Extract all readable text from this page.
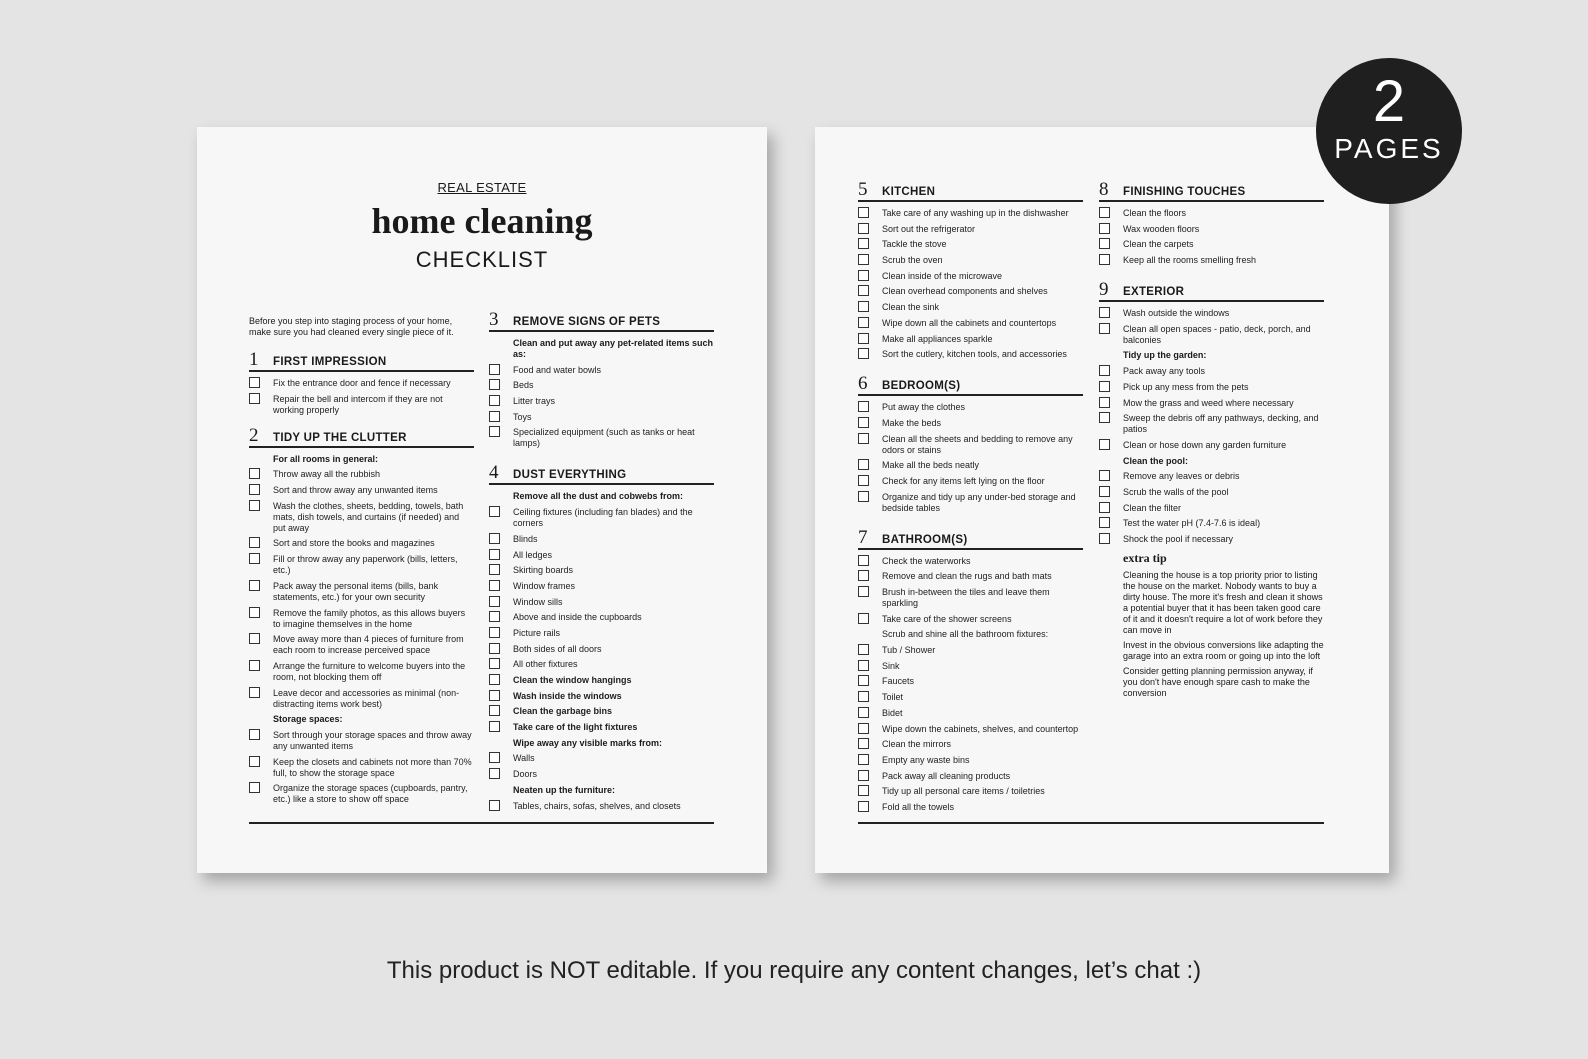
REAL ESTATE
home cleaning
CHECKLIST
Before you step into staging process of your home, make sure you had cleaned every single piece of it.
1 FIRST IMPRESSION
Fix the entrance door and fence if necessary
Repair the bell and intercom if they are not working properly
2 TIDY UP THE CLUTTER
For all rooms in general:
Throw away all the rubbish
Sort and throw away any unwanted items
Wash the clothes, sheets, bedding, towels, bath mats, dish towels, and curtains (if needed) and put away
Sort and store the books and magazines
Fill or throw away any paperwork (bills, letters, etc.)
Pack away the personal items (bills, bank statements, etc.) for your own security
Remove the family photos, as this allows buyers to imagine themselves in the home
Move away more than 4 pieces of furniture from each room to increase perceived space
Arrange the furniture to welcome buyers into the room, not blocking them off
Leave decor and accessories as minimal (non-distracting items work best)
Storage spaces:
Sort through your storage spaces and throw away any unwanted items
Keep the closets and cabinets not more than 70% full, to show the storage space
Organize the storage spaces (cupboards, pantry, etc.) like a store to show off space
3 REMOVE SIGNS OF PETS
Clean and put away any pet-related items such as:
Food and water bowls
Beds
Litter trays
Toys
Specialized equipment (such as tanks or heat lamps)
4 DUST EVERYTHING
Remove all the dust and cobwebs from:
Ceiling fixtures (including fan blades) and the corners
Blinds
All ledges
Skirting boards
Window frames
Window sills
Above and inside the cupboards
Picture rails
Both sides of all doors
All other fixtures
Clean the window hangings
Wash inside the windows
Clean the garbage bins
Take care of the light fixtures
Wipe away any visible marks from:
Walls
Doors
Neaten up the furniture:
Tables, chairs, sofas, shelves, and closets
5 KITCHEN
Take care of any washing up in the dishwasher
Sort out the refrigerator
Tackle the stove
Scrub the oven
Clean inside of the microwave
Clean overhead components and shelves
Clean the sink
Wipe down all the cabinets and countertops
Make all appliances sparkle
Sort the cutlery, kitchen tools, and accessories
6 BEDROOM(S)
Put away the clothes
Make the beds
Clean all the sheets and bedding to remove any odors or stains
Make all the beds neatly
Check for any items left lying on the floor
Organize and tidy up any under-bed storage and bedside tables
7 BATHROOM(S)
Check the waterworks
Remove and clean the rugs and bath mats
Brush in-between the tiles and leave them sparkling
Take care of the shower screens
Scrub and shine all the bathroom fixtures:
Tub / Shower
Sink
Faucets
Toilet
Bidet
Wipe down the cabinets, shelves, and countertop
Clean the mirrors
Empty any waste bins
Pack away all cleaning products
Tidy up all personal care items / toiletries
Fold all the towels
8 FINISHING TOUCHES
Clean the floors
Wax wooden floors
Clean the carpets
Keep all the rooms smelling fresh
9 EXTERIOR
Wash outside the windows
Clean all open spaces - patio, deck, porch, and balconies
Tidy up the garden:
Pack away any tools
Pick up any mess from the pets
Mow the grass and weed where necessary
Sweep the debris off any pathways, decking, and patios
Clean or hose down any garden furniture
Clean the pool:
Remove any leaves or debris
Scrub the walls of the pool
Clean the filter
Test the water pH (7.4-7.6 is ideal)
Shock the pool if necessary
extra tip
Cleaning the house is a top priority prior to listing the house on the market. Nobody wants to buy a dirty house. The more it's fresh and clean it shows a potential buyer that it has been taken good care of it and it doesn't require a lot of work before they can move in
Invest in the obvious conversions like adapting the garage into an extra room or going up into the loft
Consider getting planning permission anyway, if you don't have enough spare cash to make the conversion
2
PAGES
This product is NOT editable. If you require any content changes, let’s chat :)
